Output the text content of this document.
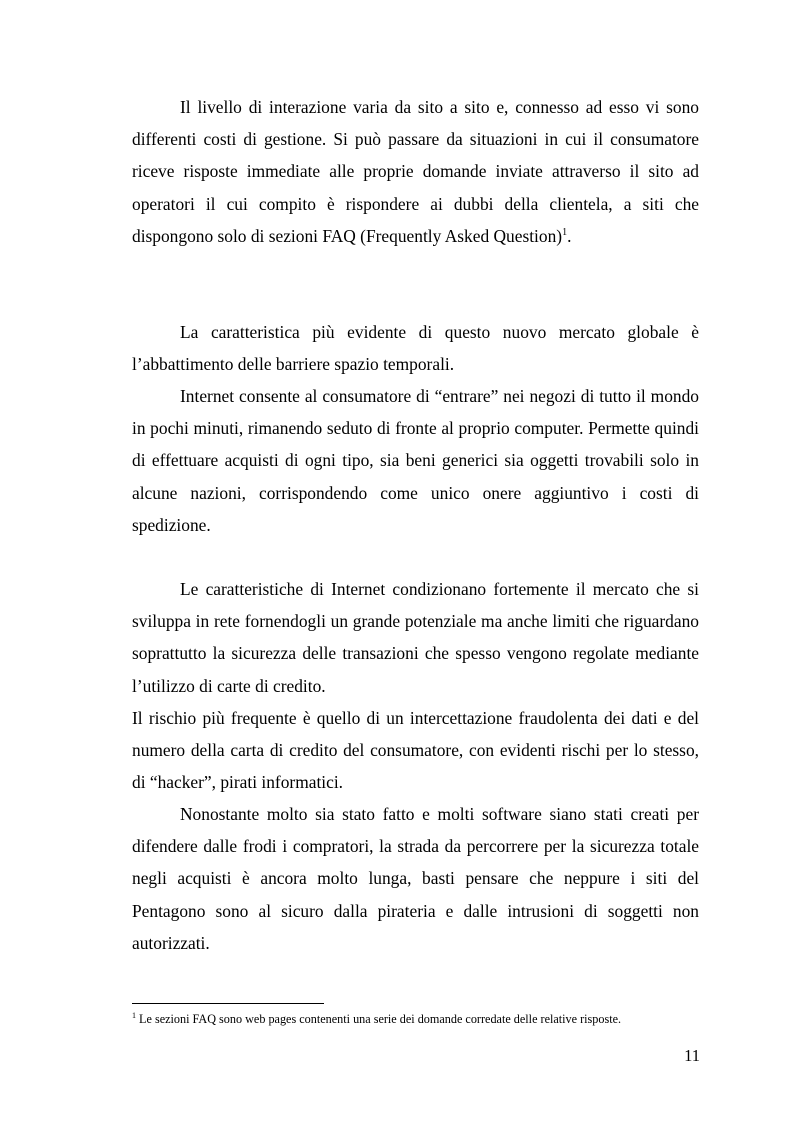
Il livello di interazione varia da sito a sito e, connesso ad esso vi sono differenti costi di gestione. Si può passare da situazioni in cui il consumatore riceve risposte immediate alle proprie domande inviate attraverso il sito ad operatori il cui compito è rispondere ai dubbi della clientela, a siti che dispongono solo di sezioni FAQ (Frequently Asked Question)$^1$.

La caratteristica più evidente di questo nuovo mercato globale è l’abbattimento delle barriere spazio temporali.

Internet consente al consumatore di “entrare” nei negozi di tutto il mondo in pochi minuti, rimanendo seduto di fronte al proprio computer. Permette quindi di effettuare acquisti di ogni tipo, sia beni generici sia oggetti trovabili solo in alcune nazioni, corrispondendo come unico onere aggiuntivo i costi di spedizione.

Le caratteristiche di Internet condizionano fortemente il mercato che si sviluppa in rete fornendogli un grande potenziale ma anche limiti che riguardano soprattutto la sicurezza delle transazioni che spesso vengono regolate mediante l’utilizzo di carte di credito.

Il rischio più frequente è quello di un intercettazione fraudolenta dei dati e del numero della carta di credito del consumatore, con evidenti rischi per lo stesso, di “hacker”, pirati informatici.

Nonostante molto sia stato fatto e molti software siano stati creati per difendere dalle frodi i compratori, la strada da percorrere per la sicurezza totale negli acquisti è ancora molto lunga, basti pensare che neppure i siti del Pentagono sono al sicuro dalla pirateria e dalle intrusioni di soggetti non autorizzati.

$^1$ Le sezioni FAQ sono web pages contenenti una serie dei domande corredate delle relative risposte.

11
